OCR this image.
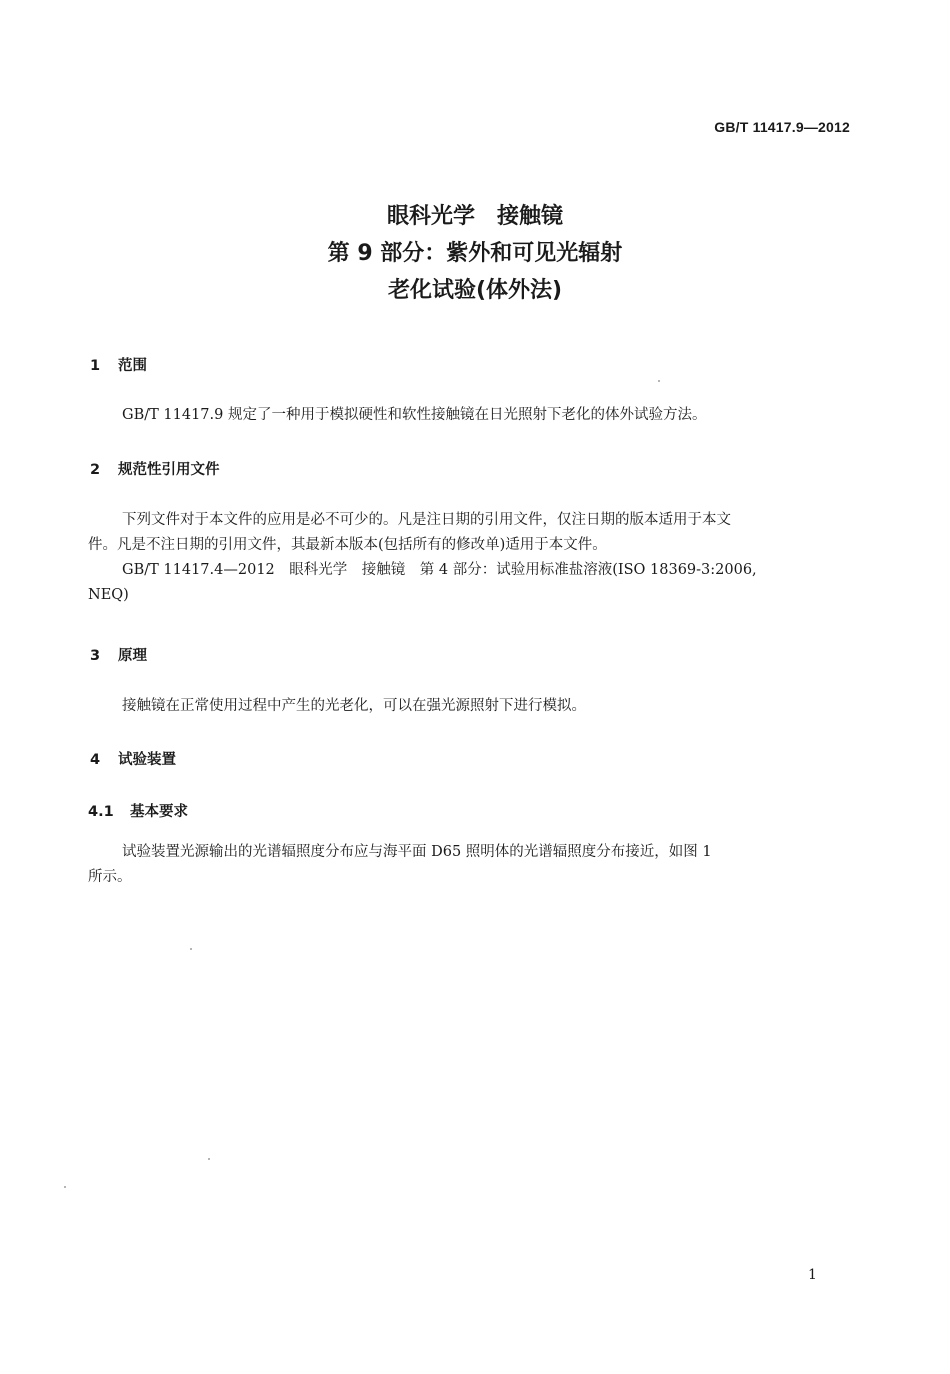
GB/T 11417.9—2012
眼科光学　接触镜
第 9 部分：紫外和可见光辐射
老化试验(体外法)
1 范围
GB/T 11417.9 规定了一种用于模拟硬性和软性接触镜在日光照射下老化的体外试验方法。
2 规范性引用文件
下列文件对于本文件的应用是必不可少的。凡是注日期的引用文件，仅注日期的版本适用于本文
件。凡是不注日期的引用文件，其最新本版本(包括所有的修改单)适用于本文件。
GB/T 11417.4—2012　眼科光学　接触镜　第 4 部分：试验用标准盐溶液(ISO 18369-3:2006,
NEQ)
3 原理
接触镜在正常使用过程中产生的光老化，可以在强光源照射下进行模拟。
4 试验装置
4.1 基本要求
试验装置光源输出的光谱辐照度分布应与海平面 D65 照明体的光谱辐照度分布接近，如图 1
所示。
1
